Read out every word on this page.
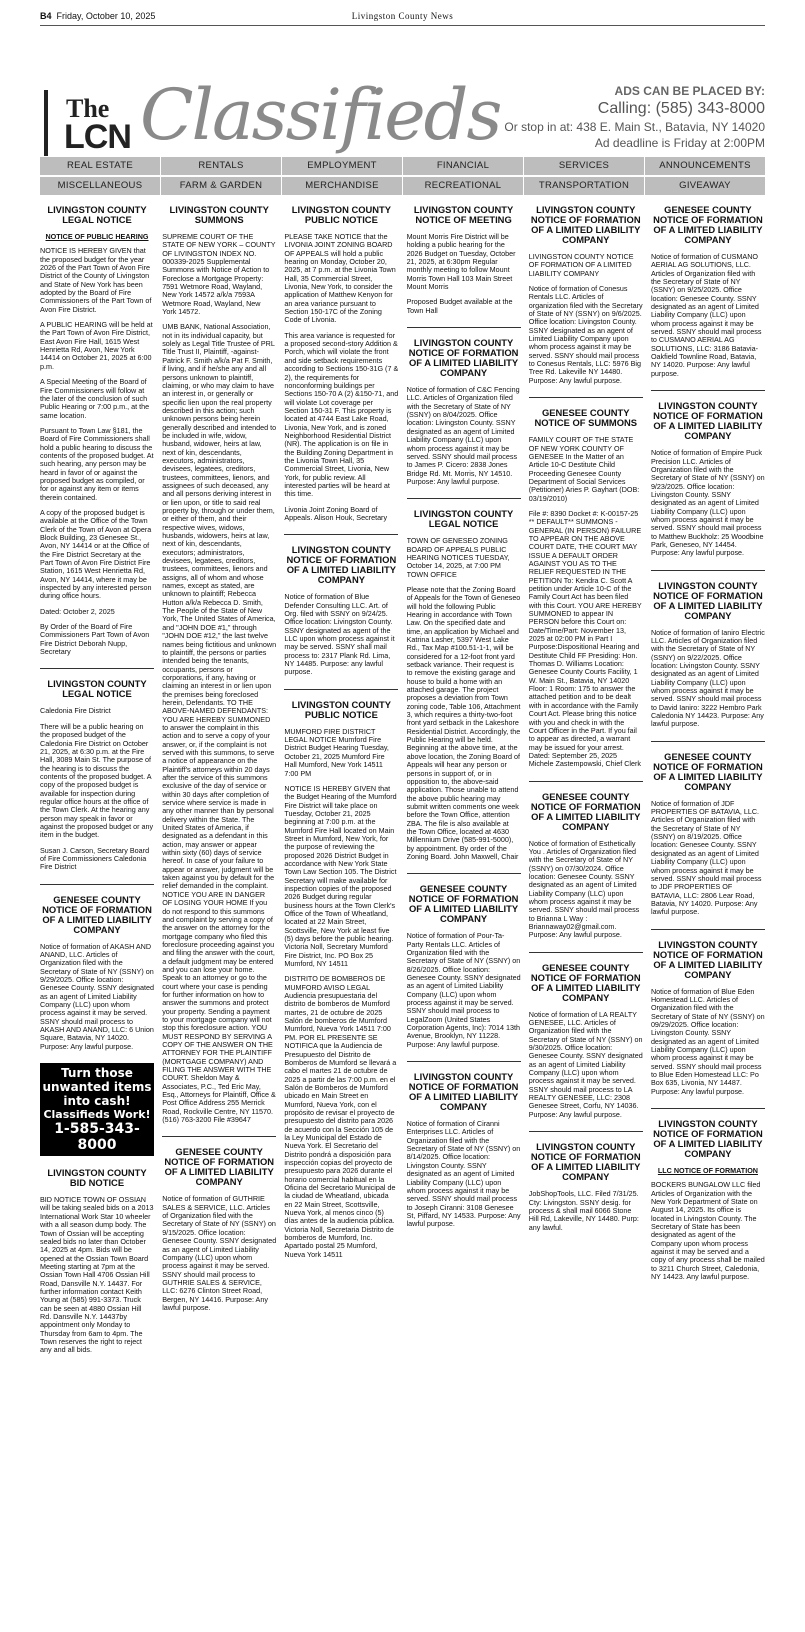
B4 Friday, October 10, 2025	Livingston County News
The
LCN Classifieds	ADS CAN BE PLACED BY:
Calling: (585) 343-8000
Or stop in at: 438 E. Main St., Batavia, NY 14020
Ad deadline is Friday at 2:00PM
REAL ESTATE	RENTALS	EMPLOYMENT	FINANCIAL	SERVICES	ANNOUNCEMENTS
MISCELLANEOUS	FARM & GARDEN	MERCHANDISE	RECREATIONAL	TRANSPORTATION	GIVEAWAY
LIVINGSTON COUNTY LEGAL NOTICE
NOTICE OF PUBLIC HEARING

NOTICE IS HEREBY GIVEN that the proposed budget for the year 2026 of the Part Town of Avon Fire District of the County of Livingston and State of New York has been adopted by the Board of Fire Commissioners of the Part Town of Avon Fire District.

A PUBLIC HEARING will be held at the Part Town of Avon Fire District, East Avon Fire Hall, 1615 West Henrietta Rd, Avon, New York 14414 on October 21, 2025 at 6:00 p.m.

A Special Meeting of the Board of Fire Commissioners will follow at the later of the conclusion of such Public Hearing or 7:00 p.m., at the same location.

Pursuant to Town Law §181, the Board of Fire Commissioners shall hold a public hearing to discuss the contents of the proposed budget. At such hearing, any person may be heard in favor of or against the proposed budget as compiled, or for or against any item or items therein contained.

A copy of the proposed budget is available at the Office of the Town Clerk of the Town of Avon at Opera Block Building, 23 Genesee St., Avon, NY 14414 or at the Office of the Fire District Secretary at the Part Town of Avon Fire District Fire Station, 1615 West Henrietta Rd, Avon, NY 14414, where it may be inspected by any interested person during office hours.

Dated: October 2, 2025

By Order of the Board of Fire Commissioners Part Town of Avon Fire District Deborah Nupp, Secretary

LIVINGSTON COUNTY LEGAL NOTICE

Caledonia Fire District

There will be a public hearing on the proposed budget of the Caledonia Fire District on October 21, 2025, at 6:30 p.m. at the Fire Hall, 3089 Main St. The purpose of the hearing is to discuss the contents of the proposed budget. A copy of the proposed budget is available for inspection during regular office hours at the office of the Town Clerk. At the hearing any person may speak in favor or against the proposed budget or any item in the budget.

Susan J. Carson, Secretary Board of Fire Commissioners Caledonia Fire District

GENESEE COUNTY NOTICE OF FORMATION OF A LIMITED LIABILITY COMPANY

Notice of formation of AKASH AND ANAND, LLC. Articles of Organization filed with the Secretary of State of NY (SSNY) on 9/29/2025. Office location: Genesee County. SSNY designated as an agent of Limited Liability Company (LLC) upon whom process against it may be served. SSNY should mail process to AKASH AND ANAND, LLC: 6 Union Square, Batavia, NY 14020. Purpose: Any lawful purpose.

Turn those
unwanted items
into cash!
Classifieds Work!
1-585-343-8000
LIVINGSTON COUNTY BID NOTICE

BID NOTICE TOWN OF OSSIAN will be taking sealed bids on a 2013 International Work Star 10 wheeler with a all season dump body. The Town of Ossian will be accepting sealed bids no later than October 14, 2025 at 4pm. Bids will be opened at the Ossian Town Board Meeting starting at 7pm at the Ossian Town Hall 4706 Ossian Hill Road, Dansville N.Y. 14437. For further information contact Keith Young at (585) 991-3373. Truck can be seen at 4880 Ossian Hill Rd. Dansville N.Y. 14437by appointment only Monday to Thursday from 6am to 4pm. The Town reserves the right to reject any and all bids.

LIVINGSTON COUNTY SUMMONS

SUPREME COURT OF THE STATE OF NEW YORK – COUNTY OF LIVINGSTON INDEX NO. 000339-2025 Supplemental Summons with Notice of Action to Foreclose a Mortgage Property: 7591 Wetmore Road, Wayland, New York 14572 a/k/a 7593A Wetmore Road, Wayland, New York 14572.

UMB BANK, National Association, not in its individual capacity, but solely as Legal Title Trustee of PRL Title Trust II, Plaintiff, -against- Patrick F. Smith a/k/a Pat F. Smith, if living, and if he/she any and all persons unknown to plaintiff, claiming, or who may claim to have an interest in, or generally or specific lien upon the real property described in this action; such unknown persons being herein generally described and intended to be included in wife, widow, husband, widower, heirs at law, next of kin, descendants, executors, administrators, devisees, legatees, creditors, trustees, committees, lienors, and assignees of such deceased, any and all persons deriving interest in or lien upon, or title to said real property by, through or under them, or either of them, and their respective wives, widows, husbands, widowers, heirs at law, next of kin, descendants, executors; administrators, devisees, legatees, creditors, trustees, committees, lienors and assigns, all of whom and whose names, except as stated, are unknown to plaintiff; Rebecca Hutton a/k/a Rebecca D. Smith, The People of the State of New York, The United States of America, and "JOHN DOE #1," through "JOHN DOE #12," the last twelve names being fictitious and unknown to plaintiff, the persons or parties intended being the tenants, occupants, persons or corporations, if any, having or claiming an interest in or lien upon the premises being foreclosed herein, Defendants. TO THE ABOVE-NAMED DEFENDANTS: YOU ARE HEREBY SUMMONED to answer the complaint in this action and to serve a copy of your answer, or, if the complaint is not served with this summons, to serve a notice of appearance on the Plaintiff's attorneys within 20 days after the service of this summons exclusive of the day of service or within 30 days after completion of service where service is made in any other manner than by personal delivery within the State. The United States of America, if designated as a defendant in this action, may answer or appear within sixty (60) days of service hereof. In case of your failure to appear or answer, judgment will be taken against you by default for the relief demanded in the complaint. NOTICE YOU ARE IN DANGER OF LOSING YOUR HOME If you do not respond to this summons and complaint by serving a copy of the answer on the attorney for the mortgage company who filed this foreclosure proceeding against you and filing the answer with the court, a default judgment may be entered and you can lose your home. Speak to an attorney or go to the court where your case is pending for further information on how to answer the summons and protect your property. Sending a payment to your mortgage company will not stop this foreclosure action. YOU MUST RESPOND BY SERVING A COPY OF THE ANSWER ON THE ATTORNEY FOR THE PLAINTIFF (MORTGAGE COMPANY) AND FILING THE ANSWER WITH THE COURT. Sheldon May & Associates, P.C., Ted Eric May, Esq., Attorneys for Plaintiff, Office & Post Office Address 255 Merrick Road, Rockville Centre, NY 11570. (516) 763-3200 File #39647

GENESEE COUNTY NOTICE OF FORMATION OF A LIMITED LIABILITY COMPANY

Notice of formation of GUTHRIE SALES & SERVICE, LLC. Articles of Organization filed with the Secretary of State of NY (SSNY) on 9/15/2025. Office location: Genesee County. SSNY designated as an agent of Limited Liability Company (LLC) upon whom process against it may be served. SSNY should mail process to GUTHRIE SALES & SERVICE, LLC: 6276 Clinton Street Road, Bergen, NY 14416. Purpose: Any lawful purpose.

LIVINGSTON COUNTY PUBLIC NOTICE

PLEASE TAKE NOTICE that the LIVONIA JOINT ZONING BOARD OF APPEALS will hold a public hearing on Monday, October 20, 2025, at 7 p.m. at the Livonia Town Hall, 35 Commercial Street, Livonia, New York, to consider the application of Matthew Kenyon for an area variance pursuant to Section 150-17C of the Zoning Code of Livonia.

This area variance is requested for a proposed second-story Addition & Porch, which will violate the front and side setback requirements according to Sections 150-31G (7 & 2), the requirements for nonconforming buildings per Sections 150-70 A (2) &150-71, and will violate Lot coverage per Section 150-31 F. This property is located at 4744 East Lake Road, Livonia, New York, and is zoned Neighborhood Residential District (NR). The application is on file in the Building Zoning Department in the Livonia Town Hall, 35 Commercial Street, Livonia, New York, for public review. All interested parties will be heard at this time.

Livonia Joint Zoning Board of Appeals. Alison Houk, Secretary

LIVINGSTON COUNTY NOTICE OF FORMATION OF A LIMITED LIABILITY COMPANY

Notice of formation of Blue Defender Consulting LLC. Art. of Org. filed with SSNY on 9/24/25. Office location: Livingston County. SSNY designated as agent of the LLC upon whom process against it may be served. SSNY shall mail process to: 2317 Plank Rd. Lima, NY 14485. Purpose: any lawful purpose.

LIVINGSTON COUNTY PUBLIC NOTICE

MUMFORD FIRE DISTRICT LEGAL NOTICE Mumford Fire District Budget Hearing Tuesday, October 21, 2025 Mumford Fire Hall Mumford, New York 14511 7:00 PM

NOTICE IS HEREBY GIVEN that the Budget Hearing of the Mumford Fire District will take place on Tuesday, October 21, 2025 beginning at 7:00 p.m. at the Mumford Fire Hall located on Main Street in Mumford, New York, for the purpose of reviewing the proposed 2026 District Budget in accordance with New York State Town Law Section 105. The District Secretary will make available for inspection copies of the proposed 2026 Budget during regular business hours at the Town Clerk's Office of the Town of Wheatland, located at 22 Main Street, Scottsville, New York at least five (5) days before the public hearing. Victoria Noll, Secretary Mumford Fire District, Inc. PO Box 25 Mumford, NY 14511

DISTRITO DE BOMBEROS DE MUMFORD AVISO LEGAL Audiencia presupuestaria del distrito de bomberos de Mumford martes, 21 de octubre de 2025 Salón de bomberos de Mumford Mumford, Nueva York 14511 7:00 PM. POR EL PRESENTE SE NOTIFICA que la Audiencia de Presupuesto del Distrito de Bomberos de Mumford se llevará a cabo el martes 21 de octubre de 2025 a partir de las 7:00 p.m. en el Salón de Bomberos de Mumford ubicado en Main Street en Mumford, Nueva York, con el propósito de revisar el proyecto de presupuesto del distrito para 2026 de acuerdo con la Sección 105 de la Ley Municipal del Estado de Nueva York. El Secretario del Distrito pondrá a disposición para inspección copias del proyecto de presupuesto para 2026 durante el horario comercial habitual en la Oficina del Secretario Municipal de la ciudad de Wheatland, ubicada en 22 Main Street, Scottsville, Nueva York, al menos cinco (5) días antes de la audiencia pública. Victoria Noll, Secretaria Distrito de bomberos de Mumford, Inc. Apartado postal 25 Mumford, Nueva York 14511

LIVINGSTON COUNTY NOTICE OF MEETING

Mount Morris Fire District will be holding a public hearing for the 2026 Budget on Tuesday, October 21, 2025, at 6:30pm Regular monthly meeting to follow Mount Morris Town Hall 103 Main Street Mount Morris

Proposed Budget available at the Town Hall

LIVINGSTON COUNTY NOTICE OF FORMATION OF A LIMITED LIABILITY COMPANY

Notice of formation of C&C Fencing LLC. Articles of Organization filed with the Secretary of State of NY (SSNY) on 8/04/2025. Office location: Livingston County. SSNY designated as an agent of Limited Liability Company (LLC) upon whom process against it may be served. SSNY should mail process to James P. Cicero: 2838 Jones Bridge Rd. Mt. Morris, NY 14510. Purpose: Any lawful purpose.

LIVINGSTON COUNTY LEGAL NOTICE

TOWN OF GENESEO ZONING BOARD OF APPEALS PUBLIC HEARING NOTICES TUESDAY, October 14, 2025, at 7:00 PM TOWN OFFICE

Please note that the Zoning Board of Appeals for the Town of Geneseo will hold the following Public Hearing in accordance with Town Law. On the specified date and time, an application by Michael and Katrina Lasher, 5397 West Lake Rd., Tax Map #100.51-1-1, will be considered for a 12-foot front yard setback variance. Their request is to remove the existing garage and house to build a home with an attached garage. The project proposes a deviation from Town zoning code, Table 106, Attachment 3, which requires a thirty-two-foot front yard setback in the Lakeshore Residential District. Accordingly, the Public Hearing will be held. Beginning at the above time, at the above location, the Zoning Board of Appeals will hear any person or persons in support of, or in opposition to, the above-said application. Those unable to attend the above public hearing may submit written comments one week before the Town Office, attention ZBA. The file is also available at the Town Office, located at 4630 Millennium Drive (585-991-5000), by appointment. By order of the Zoning Board. John Maxwell, Chair

GENESEE COUNTY NOTICE OF FORMATION OF A LIMITED LIABILITY COMPANY

Notice of formation of Pour-Ta-Party Rentals LLC. Articles of Organization filed with the Secretary of State of NY (SSNY) on 8/26/2025. Office location: Genesee County. SSNY designated as an agent of Limited Liability Company (LLC) upon whom process against it may be served. SSNY should mail process to LegalZoom (United States Corporation Agents, Inc): 7014 13th Avenue, Brooklyn, NY 11228. Purpose: Any lawful purpose.

LIVINGSTON COUNTY NOTICE OF FORMATION OF A LIMITED LIABILITY COMPANY

Notice of formation of Ciranni Enterprises LLC. Articles of Organization filed with the Secretary of State of NY (SSNY) on 8/14/2025. Office location: Livingston County. SSNY designated as an agent of Limited Liability Company (LLC) upon whom process against it may be served. SSNY should mail process to Joseph Ciranni: 3108 Genesee St, Piffard, NY 14533. Purpose: Any lawful purpose.

LIVINGSTON COUNTY NOTICE OF FORMATION OF A LIMITED LIABILITY COMPANY

LIVINGSTON COUNTY NOTICE OF FORMATION OF A LIMITED LIABILITY COMPANY

Notice of formation of Conesus Rentals LLC. Articles of organization filed with the Secretary of State of NY (SSNY) on 9/6/2025. Office location: Livingston County. SSNY designated as an agent of Limited Liability Company upon whom process against it may be served. SSNY should mail process to Conesus Rentals, LLC: 5976 Big Tree Rd. Lakeville NY 14480. Purpose: Any lawful purpose.

GENESEE COUNTY NOTICE OF SUMMONS

FAMILY COURT OF THE STATE OF NEW YORK COUNTY OF GENESEE In the Matter of an Article 10-C Destitute Child Proceeding Genesee County Department of Social Services (Petitioner) Aries P. Gayhart (DOB: 03/19/2010)

File #: 8390 Docket #: K-00157-25 ** DEFAULT** SUMMONS - GENERAL (IN PERSON) FAILURE TO APPEAR ON THE ABOVE COURT DATE, THE COURT MAY ISSUE A DEFAULT ORDER AGAINST YOU AS TO THE RELIEF REQUESTED IN THE PETITION To: Kendra C. Scott A petition under Article 10-C of the Family Court Act has been filed with this Court. YOU ARE HEREBY SUMMONED to appear IN PERSON before this Court on: Date/Time/Part: November 13, 2025 at 02:00 PM in Part I Purpose:Dispositional Hearing and Destitute Child FF Presiding: Hon. Thomas D. Williams Location: Genesee County Courts Facility, 1 W. Main St., Batavia, NY 14020 Floor: 1 Room: 175 to answer the attached petition and to be dealt with in accordance with the Family Court Act. Please bring this notice with you and check in with the Court Officer in the Part. If you fail to appear as directed, a warrant may be issued for your arrest. Dated: September 25, 2025 Michele Zastempowski, Chief Clerk

GENESEE COUNTY NOTICE OF FORMATION OF A LIMITED LIABILITY COMPANY

Notice of formation of Esthetically You . Articles of Organization filed with the Secretary of State of NY (SSNY) on 07/30/2024. Office location: Genesee County. SSNY designated as an agent of Limited Liability Company (LLC) upon whom process against it may be served. SSNY should mail process to Brianna L Way : Briannaway02@gmail.com. Purpose: Any lawful purpose.

GENESEE COUNTY NOTICE OF FORMATION OF A LIMITED LIABILITY COMPANY

Notice of formation of LA REALTY GENESEE, LLC. Articles of Organization filed with the Secretary of State of NY (SSNY) on 9/30/2025. Office location: Genesee County. SSNY designated as an agent of Limited Liability Company (LLC) upon whom process against it may be served. SSNY should mail process to LA REALTY GENESEE, LLC: 2308 Genesee Street, Corfu, NY 14036. Purpose: Any lawful purpose.

LIVINGSTON COUNTY NOTICE OF FORMATION OF A LIMITED LIABILITY COMPANY

JobShopTools, LLC. Filed 7/31/25. Cty: Livingston. SSNY desig. for process & shall mail 6066 Stone Hill Rd, Lakeville, NY 14480. Purp: any lawful.

GENESEE COUNTY NOTICE OF FORMATION OF A LIMITED LIABILITY COMPANY

Notice of formation of CUSMANO AERIAL AG SOLUTIONS, LLC. Articles of Organization filed with the Secretary of State of NY (SSNY) on 9/25/2025. Office location: Genesee County. SSNY designated as an agent of Limited Liability Company (LLC) upon whom process against it may be served. SSNY should mail process to CUSMANO AERIAL AG SOLUTIONS, LLC: 3186 Batavia-Oakfield Townline Road, Batavia, NY 14020. Purpose: Any lawful purpose.

LIVINGSTON COUNTY NOTICE OF FORMATION OF A LIMITED LIABILITY COMPANY

Notice of formation of Empire Puck Precision LLC. Articles of Organization filed with the Secretary of State of NY (SSNY) on 9/23/2025. Office location: Livingston County. SSNY designated as an agent of Limited Liability Company (LLC) upon whom process against it may be served. SSNY should mail process to Matthew Buckholz: 25 Woodbine Park, Geneseo, NY 14454. Purpose: Any lawful purpose.

LIVINGSTON COUNTY NOTICE OF FORMATION OF A LIMITED LIABILITY COMPANY

Notice of formation of Ianiro Electric LLC. Articles of Organization filed with the Secretary of State of NY (SSNY) on 9/22/2025. Office location: Livingston County. SSNY designated as an agent of Limited Liability Company (LLC) upon whom process against it may be served. SSNY should mail process to David Ianiro: 3222 Hembro Park Caledonia NY 14423. Purpose: Any lawful purpose.

GENESEE COUNTY NOTICE OF FORMATION OF A LIMITED LIABILITY COMPANY

Notice of formation of JDF PROPERTIES OF BATAVIA, LLC. Articles of Organization filed with the Secretary of State of NY (SSNY) on 8/19/2025. Office location: Genesee County. SSNY designated as an agent of Limited Liability Company (LLC) upon whom process against it may be served. SSNY should mail process to JDF PROPERTIES OF BATAVIA, LLC: 2806 Lear Road, Batavia, NY 14020. Purpose: Any lawful purpose.

LIVINGSTON COUNTY NOTICE OF FORMATION OF A LIMITED LIABILITY COMPANY

Notice of formation of Blue Eden Homestead LLC. Articles of Organization filed with the Secretary of State of NY (SSNY) on 09/29/2025. Office location: Livingston County. SSNY designated as an agent of Limited Liability Company (LLC) upon whom process against it may be served. SSNY should mail process to Blue Eden Homestead LLC: Po Box 635, Livonia, NY 14487. Purpose: Any lawful purpose.

LIVINGSTON COUNTY NOTICE OF FORMATION OF A LIMITED LIABILITY COMPANY
LLC NOTICE OF FORMATION

BOCKERS BUNGALOW LLC filed Articles of Organization with the New York Department of State on August 14, 2025. Its office is located in Livingston County. The Secretary of State has been designated as agent of the Company upon whom process against it may be served and a copy of any process shall be mailed to 3211 Church Street, Caledonia, NY 14423. Any lawful purpose.
